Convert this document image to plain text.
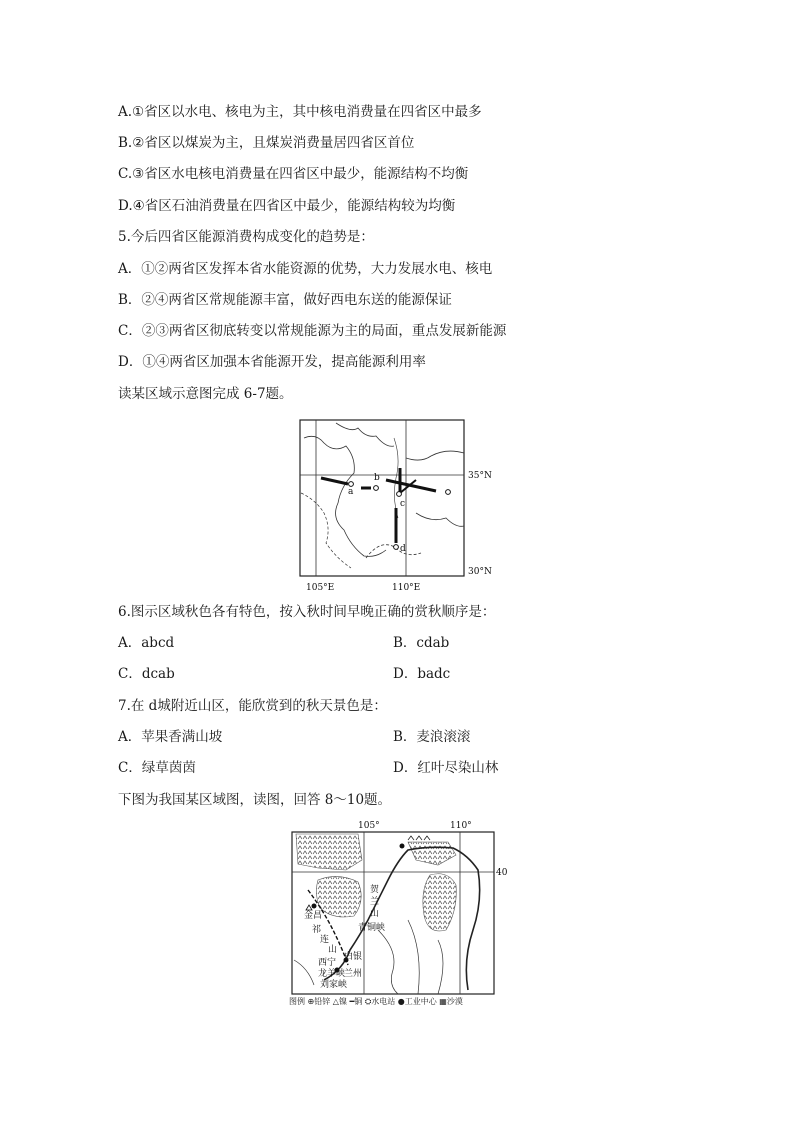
A.①省区以水电、核电为主，其中核电消费量在四省区中最多
B.②省区以煤炭为主，且煤炭消费量居四省区首位
C.③省区水电核电消费量在四省区中最少，能源结构不均衡
D.④省区石油消费量在四省区中最少，能源结构较为均衡
5.今后四省区能源消费构成变化的趋势是：
A．①②两省区发挥本省水能资源的优势，大力发展水电、核电
B．②④两省区常规能源丰富，做好西电东送的能源保证
C．②③两省区彻底转变以常规能源为主的局面，重点发展新能源
D．①④两省区加强本省能源开发，提高能源利用率
读某区域示意图完成 6-7题。
a
b
c
d
35°N
30°N
105°E	110°E
6.图示区域秋色各有特色，按入秋时间早晚正确的赏秋顺序是：
A．abcd	B．cdab
C．dcab	D．badc
7.在 d城附近山区，能欣赏到的秋天景色是：
A．苹果香满山坡	B．麦浪滚滚
C．绿草茵茵	D．红叶尽染山林
下图为我国某区域图，读图，回答 8～10题。
105°	110°
40
金昌
祁
连
山
西宁
白银
兰州
龙羊峡
刘家峡
青铜峡
贺
兰
山
图例 ⊕铅锌 △镍 ━铜 ⛭水电站 ●工业中心 ▦沙漠
